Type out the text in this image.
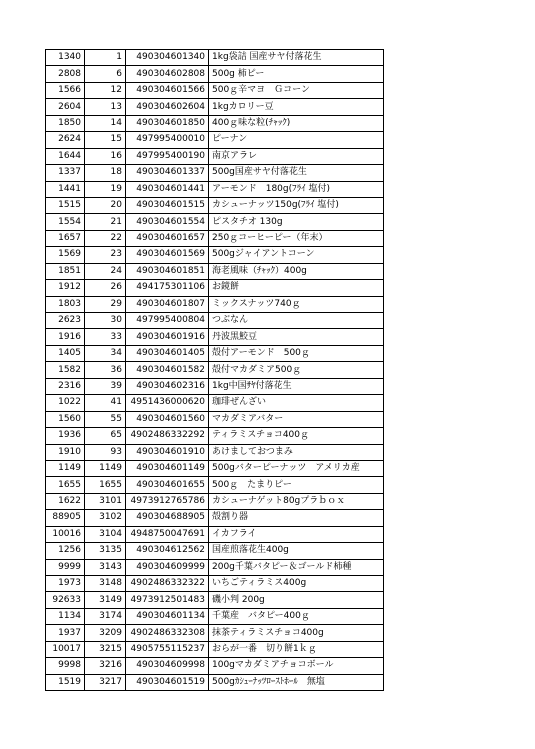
1340	1	490304601340	1kg袋詰 国産サヤ付落花生
2808	6	490304602808	500g 柿ピー
1566	12	490304601566	500ｇ辛マヨ　Ｇコーン
2604	13	490304602604	1kgカロリー豆
1850	14	490304601850	400ｇ味な粒(ﾁｬｯｸ)
2624	15	497995400010	ピーナン
1644	16	497995400190	南京アラレ
1337	18	490304601337	500g国産サヤ付落花生
1441	19	490304601441	アーモンド　180g(ﾌﾗｲ 塩付)
1515	20	490304601515	カシューナッツ150g(ﾌﾗｲ 塩付)
1554	21	490304601554	ピスタチオ 130g
1657	22	490304601657	250ｇコーヒーピー（年末）
1569	23	490304601569	500gジャイアントコーン
1851	24	490304601851	海老風味（ﾁｬｯｸ）400g
1912	26	494175301106	お鏡餅
1803	29	490304601807	ミックスナッツ740ｇ
2623	30	497995400804	つぶなん
1916	33	490304601916	丹波黒鮫豆
1405	34	490304601405	殻付アーモンド　500ｇ
1582	36	490304601582	殻付マカダミア500ｇ
2316	39	490304602316	1kg中国ｻﾔ付落花生
1022	41	4951436000620	珈琲ぜんざい
1560	55	490304601560	マカダミアバター
1936	65	4902486332292	ティラミスチョコ400ｇ
1910	93	490304601910	あけましておつまみ
1149	1149	490304601149	500gバターピーナッツ　アメリカ産
1655	1655	490304601655	500ｇ　たまりピー
1622	3101	4973912765786	カシューナゲット80gプラｂｏｘ
88905	3102	490304688905	殻割り器
10016	3104	4948750047691	イカフライ
1256	3135	490304612562	国産煎落花生400g
9999	3143	490304609999	200g千葉バタピー＆ゴールド柿種
1973	3148	4902486332322	いちごティラミス400g
92633	3149	4973912501483	磯小判 200g
1134	3174	490304601134	千葉産　バタピー400ｇ
1937	3209	4902486332308	抹茶ティラミスチョコ400g
10017	3215	4905755115237	おらが一番　切り餅1ｋｇ
9998	3216	490304609998	100gマカダミアチョコボール
1519	3217	490304601519	500gｶｼｭｰﾅｯﾂﾛｰｽﾄﾎｰﾙ　無塩
